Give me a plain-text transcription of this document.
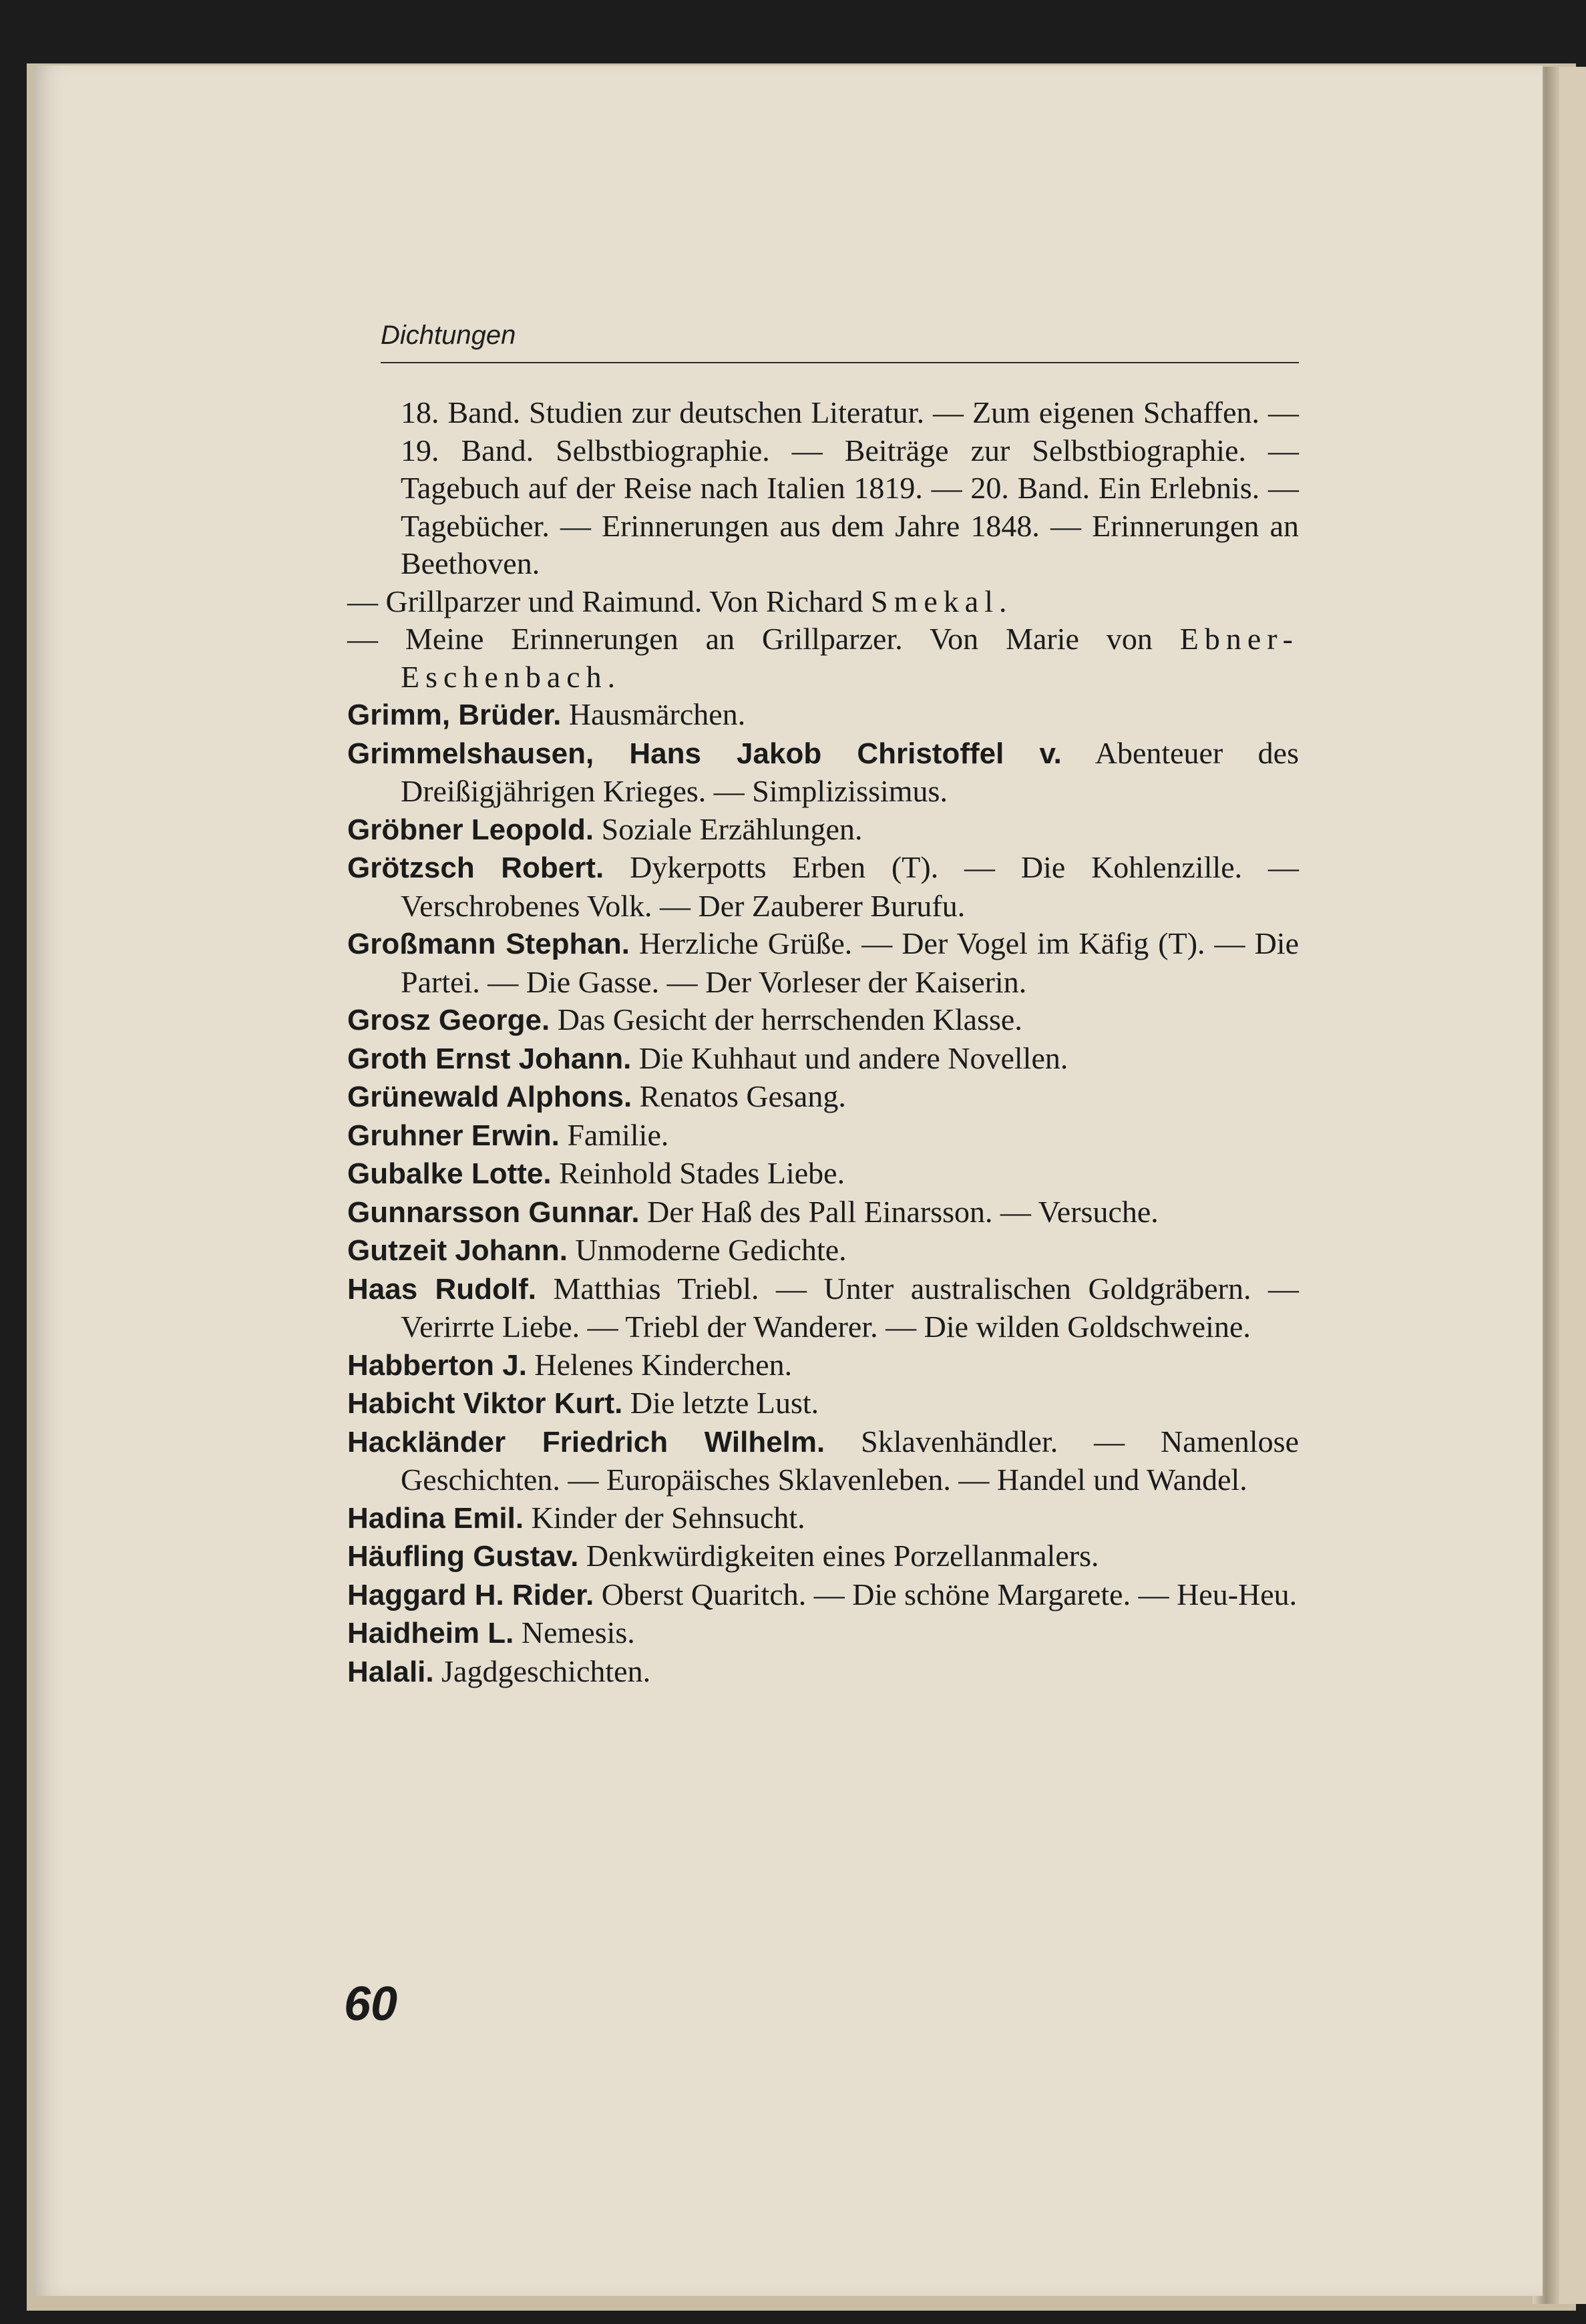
Dichtungen
18. Band. Studien zur deutschen Literatur. — Zum eigenen Schaffen. — 19. Band. Selbstbiographie. — Beiträge zur Selbstbiographie. — Tagebuch auf der Reise nach Italien 1819. — 20. Band. Ein Erlebnis. — Tagebücher. — Erinnerungen aus dem Jahre 1848. — Erinnerungen an Beethoven.
— Grillparzer und Raimund. Von Richard Smekal.
— Meine Erinnerungen an Grillparzer. Von Marie von Ebner-Eschenbach.
Grimm, Brüder. Hausmärchen.
Grimmelshausen, Hans Jakob Christoffel v. Abenteuer des Dreißigjährigen Krieges. — Simplizissimus.
Gröbner Leopold. Soziale Erzählungen.
Grötzsch Robert. Dykerpotts Erben (T). — Die Kohlenzille. — Verschrobenes Volk. — Der Zauberer Burufu.
Großmann Stephan. Herzliche Grüße. — Der Vogel im Käfig (T). — Die Partei. — Die Gasse. — Der Vorleser der Kaiserin.
Grosz George. Das Gesicht der herrschenden Klasse.
Groth Ernst Johann. Die Kuhhaut und andere Novellen.
Grünewald Alphons. Renatos Gesang.
Gruhner Erwin. Familie.
Gubalke Lotte. Reinhold Stades Liebe.
Gunnarsson Gunnar. Der Haß des Pall Einarsson. — Versuche.
Gutzeit Johann. Unmoderne Gedichte.
Haas Rudolf. Matthias Triebl. — Unter australischen Goldgräbern. — Verirrte Liebe. — Triebl der Wanderer. — Die wilden Goldschweine.
Habberton J. Helenes Kinderchen.
Habicht Viktor Kurt. Die letzte Lust.
Hackländer Friedrich Wilhelm. Sklavenhändler. — Namenlose Geschichten. — Europäisches Sklavenleben. — Handel und Wandel.
Hadina Emil. Kinder der Sehnsucht.
Häufling Gustav. Denkwürdigkeiten eines Porzellanmalers.
Haggard H. Rider. Oberst Quaritch. — Die schöne Margarete. — Heu-Heu.
Haidheim L. Nemesis.
Halali. Jagdgeschichten.
60
